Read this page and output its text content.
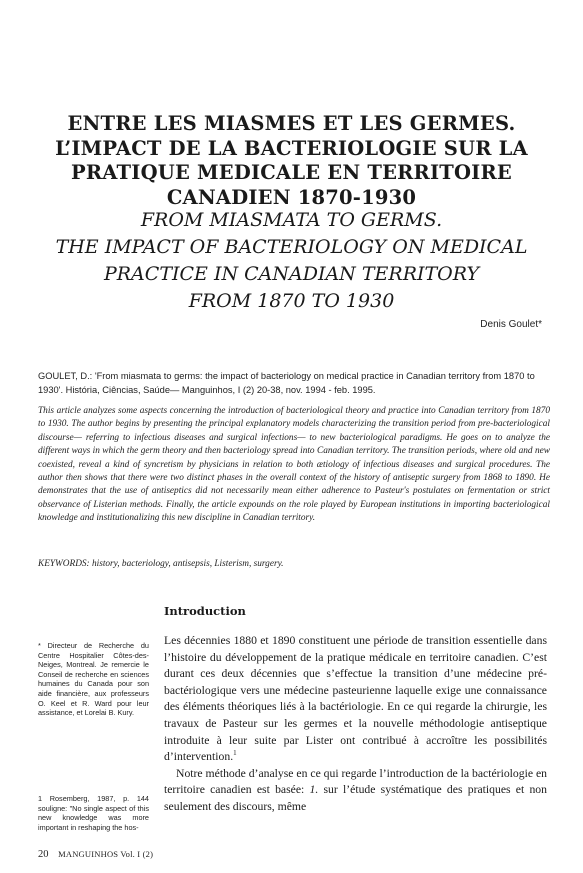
ENTRE LES MIASMES ET LES GERMES.
L’IMPACT DE LA BACTERIOLOGIE SUR LA
PRATIQUE MEDICALE EN TERRITOIRE
CANADIEN 1870-1930
FROM MIASMATA TO GERMS.
THE IMPACT OF BACTERIOLOGY ON MEDICAL
PRACTICE IN CANADIAN TERRITORY
FROM 1870 TO 1930
Denis Goulet*
GOULET, D.: 'From miasmata to germs: the impact of bacteriology on medical practice in Canadian territory from 1870 to 1930'. História, Ciências, Saúde— Manguinhos, I (2) 20-38, nov. 1994 - feb. 1995.
This article analyzes some aspects concerning the introduction of bacteriological theory and practice into Canadian territory from 1870 to 1930. The author begins by presenting the principal explanatory models characterizing the transition period from pre-bacteriological discourse— referring to infectious diseases and surgical infections— to new bacteriological paradigms. He goes on to analyze the different ways in which the germ theory and then bacteriology spread into Canadian territory. The transition periods, where old and new coexisted, reveal a kind of syncretism by physicians in relation to both ætiology of infectious diseases and surgical procedures. The author then shows that there were two distinct phases in the overall context of the history of antiseptic surgery from 1868 to 1890. He demonstrates that the use of antiseptics did not necessarily mean either adherence to Pasteur's postulates on fermentation or strict observance of Listerian methods. Finally, the article expounds on the role played by European institutions in importing bacteriological knowledge and institutionalizing this new discipline in Canadian territory.
KEYWORDS: history, bacteriology, antisepsis, Listerism, surgery.
Introduction

Les décennies 1880 et 1890 constituent une période de transition essentielle dans l’histoire du développement de la pratique médicale en territoire canadien. C’est durant ces deux décennies que s’effectue la transition d’une médecine pré-bactériologique vers une médecine pasteurienne laquelle exige une connaissance des éléments théoriques liés à la bactériologie. En ce qui regarde la chirurgie, les travaux de Pasteur sur les germes et la nouvelle méthodologie antiseptique introduite à leur suite par Lister ont contribué à accroître les possibilités d’intervention.$^1$

Notre méthode d’analyse en ce qui regarde l’introduction de la bactériologie en territoire canadien est basée: 1. sur l’étude systématique des pratiques et non seulement des discours, même

* Directeur de Recherche du Centre Hospitalier Côtes-des-Neiges, Montreal. Je remercie le Conseil de recherche en sciences humaines du Canada pour son aide financière, aux professeurs O. Keel et R. Ward pour leur assistance, et Lorelai B. Kury.
1 Rosemberg, 1987, p. 144 souligne: "No single aspect of this new knowledge was more important in reshaping the hos-
20 MANGUINHOS Vol. I (2)
